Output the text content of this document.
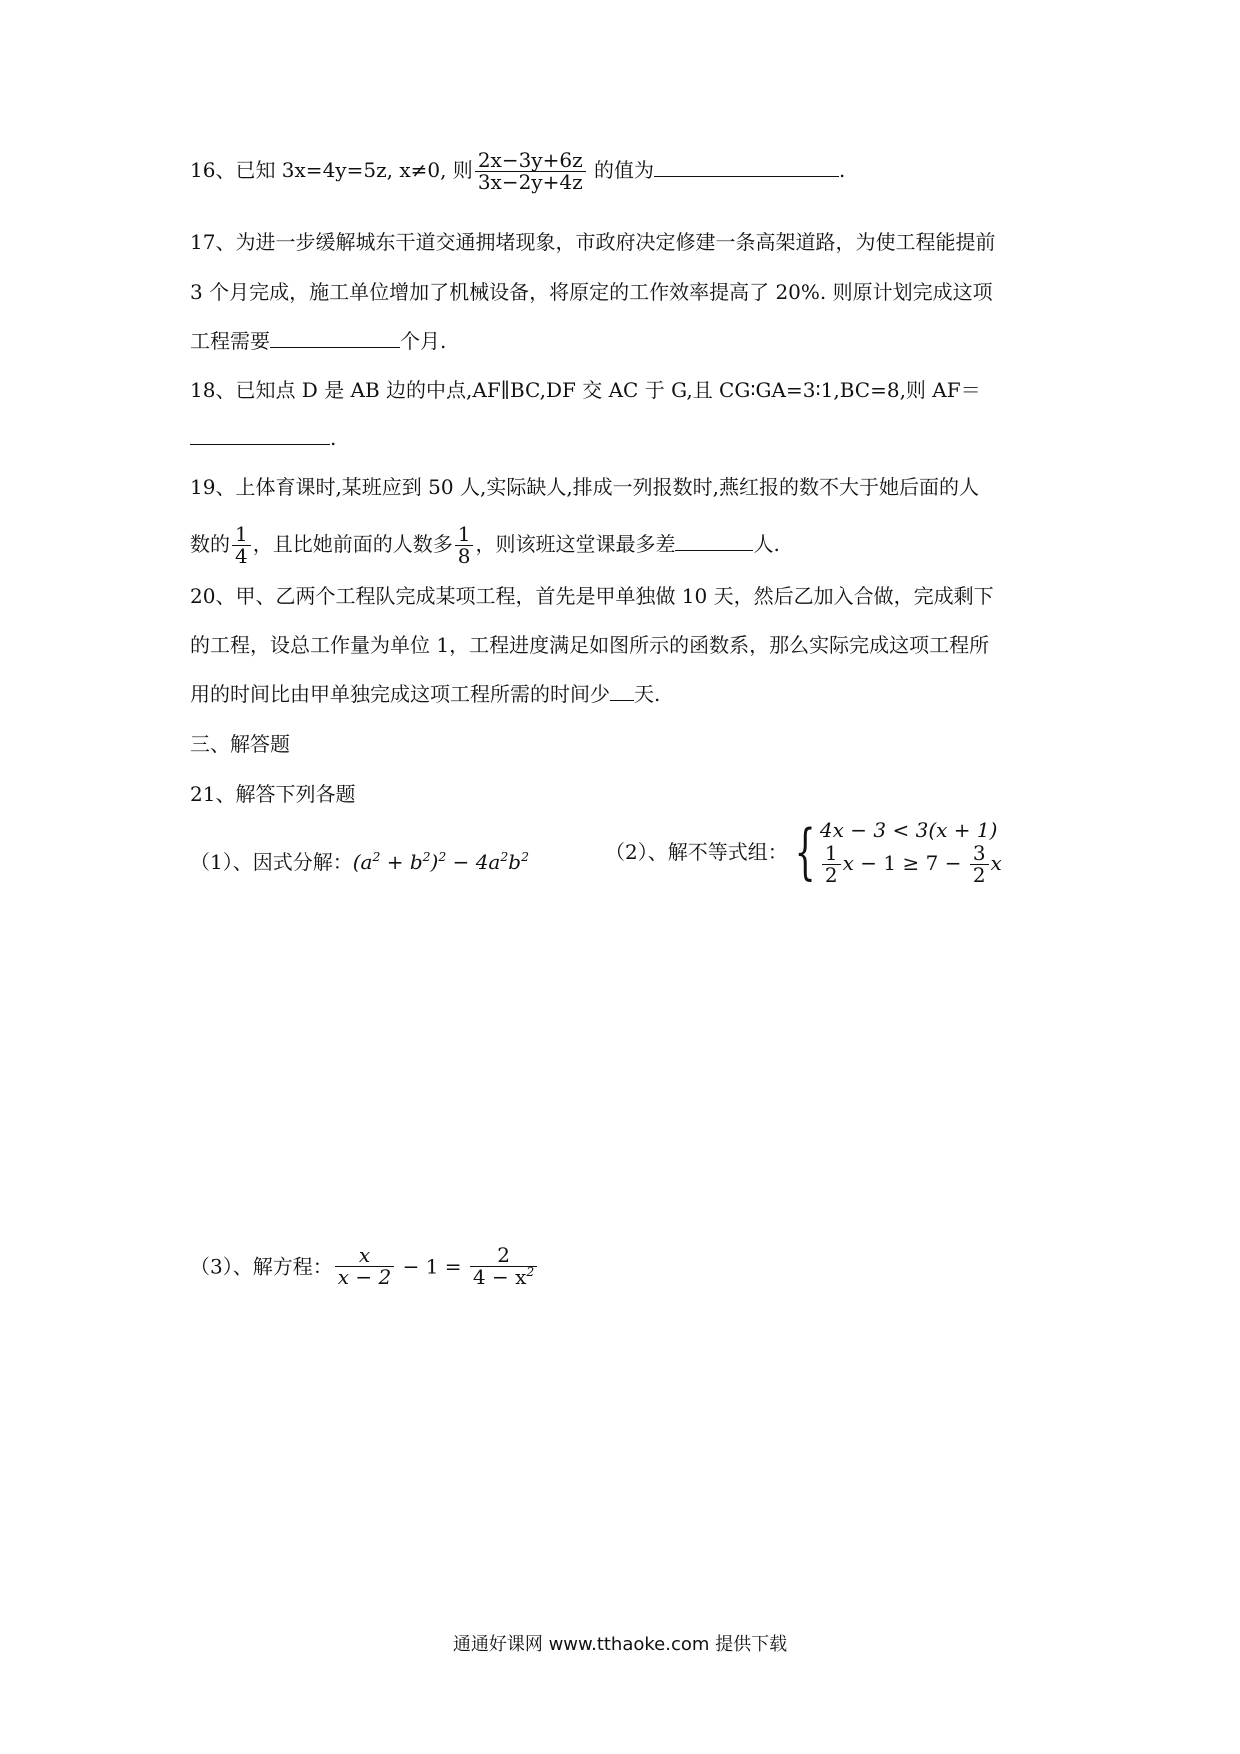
16、已知 3x=4y=5z, x≠0, 则 $\frac{2x-3y+6z}{3x-2y+4z}$ 的值为	.
17、为进一步缓解城东干道交通拥堵现象，市政府决定修建一条高架道路，为使工程能提前
3 个月完成，施工单位增加了机械设备，将原定的工作效率提高了 20%. 则原计划完成这项
工程需要	个月.
18、已知点 D 是 AB 边的中点,AF∥BC,DF 交 AC 于 G,且 CG∶GA=3∶1,BC=8,则 AF＝
.
19、上体育课时,某班应到 50 人,实际缺人,排成一列报数时,燕红报的数不大于她后面的人
数的 $\frac{1}{4}$ ，且比她前面的人数多 $\frac{1}{8}$ ，则该班这堂课最多差	人.
20、甲、乙两个工程队完成某项工程，首先是甲单独做 10 天，然后乙加入合做，完成剩下
的工程，设总工作量为单位 1，工程进度满足如图所示的函数系，那么实际完成这项工程所
用的时间比由甲单独完成这项工程所需的时间少 天.
三、解答题
21、解答下列各题
（1）、因式分解：$(a^2 + b^2)^2 - 4a^2b^2$	（2）、解不等式组： { 4x − 3 < 3(x + 1)
$\frac{1}{2}$ $x - 1 \ge 7 - \frac{3}{2}$ x
（3）、解方程： $\frac{x}{x - 2} - 1 = \frac{2}{4 - x^2}$
通通好课网 www.tthaoke.com 提供下载
